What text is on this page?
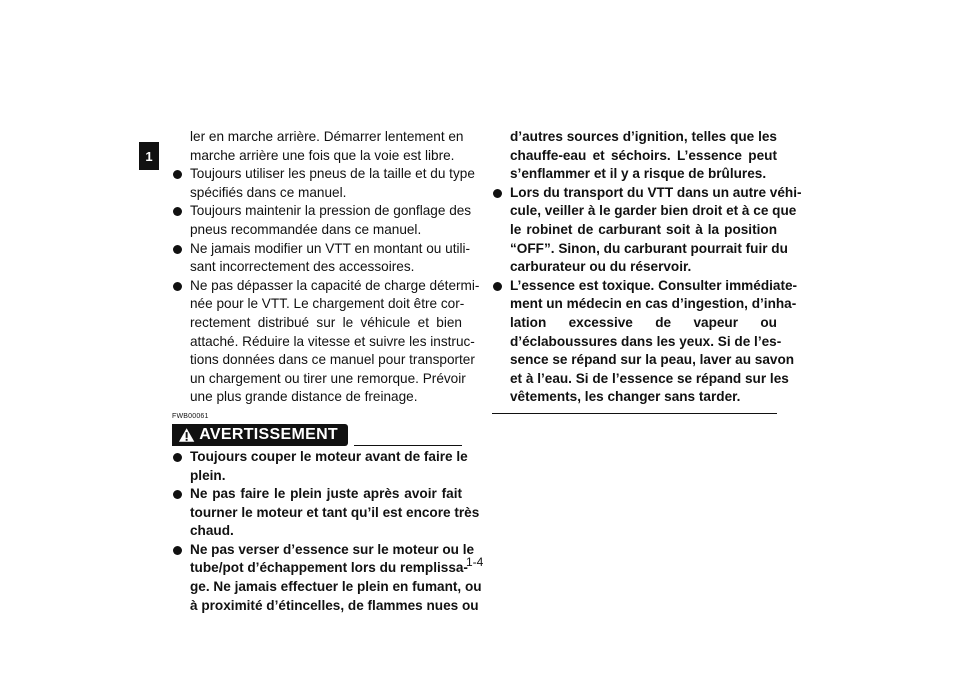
1
ler en marche arrière. Démarrer lentement en
marche arrière une fois que la voie est libre.
Toujours utiliser les pneus de la taille et du type
spécifiés dans ce manuel.
Toujours maintenir la pression de gonflage des
pneus recommandée dans ce manuel.
Ne jamais modifier un VTT en montant ou utili-
sant incorrectement des accessoires.
Ne pas dépasser la capacité de charge détermi-
née pour le VTT. Le chargement doit être cor-
rectement distribué sur le véhicule et bien
attaché. Réduire la vitesse et suivre les instruc-
tions données dans ce manuel pour transporter
un chargement ou tirer une remorque. Prévoir
une plus grande distance de freinage.
FWB00061
AVERTISSEMENT
Toujours couper le moteur avant de faire le
plein.
Ne pas faire le plein juste après avoir fait
tourner le moteur et tant qu’il est encore très
chaud.
Ne pas verser d’essence sur le moteur ou le
tube/pot d’échappement lors du remplissa-
ge. Ne jamais effectuer le plein en fumant, ou
à proximité d’étincelles, de flammes nues ou
d’autres sources d’ignition, telles que les
chauffe-eau et séchoirs. L’essence peut
s’enflammer et il y a risque de brûlures.
Lors du transport du VTT dans un autre véhi-
cule, veiller à le garder bien droit et à ce que
le robinet de carburant soit à la position
“OFF”. Sinon, du carburant pourrait fuir du
carburateur ou du réservoir.
L’essence est toxique. Consulter immédiate-
ment un médecin en cas d’ingestion, d’inha-
lation excessive de vapeur ou
d’éclaboussures dans les yeux. Si de l’es-
sence se répand sur la peau, laver au savon
et à l’eau. Si de l’essence se répand sur les
vêtements, les changer sans tarder.
1-4
